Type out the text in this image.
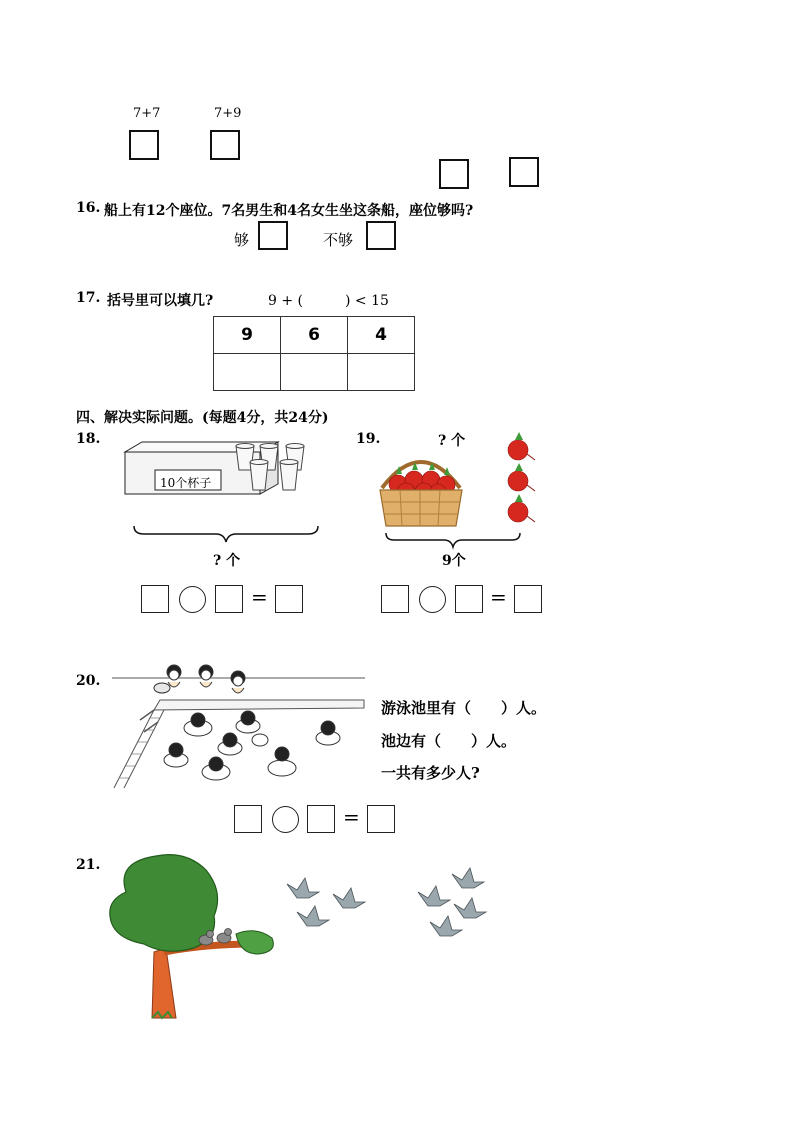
7+7	7+9
16. 船上有12个座位。7名男生和4名女生坐这条船，座位够吗?
够	不够
17. 括号里可以填几?	9 + (　　　) < 15
9	6	4

四、解决实际问题。(每题4分，共24分)
18.
10个杯子
? 个
=
19.	? 个
9个
=
20.
游泳池里有（　　）人。
池边有（　　）人。
一共有多少人?
=
21.
